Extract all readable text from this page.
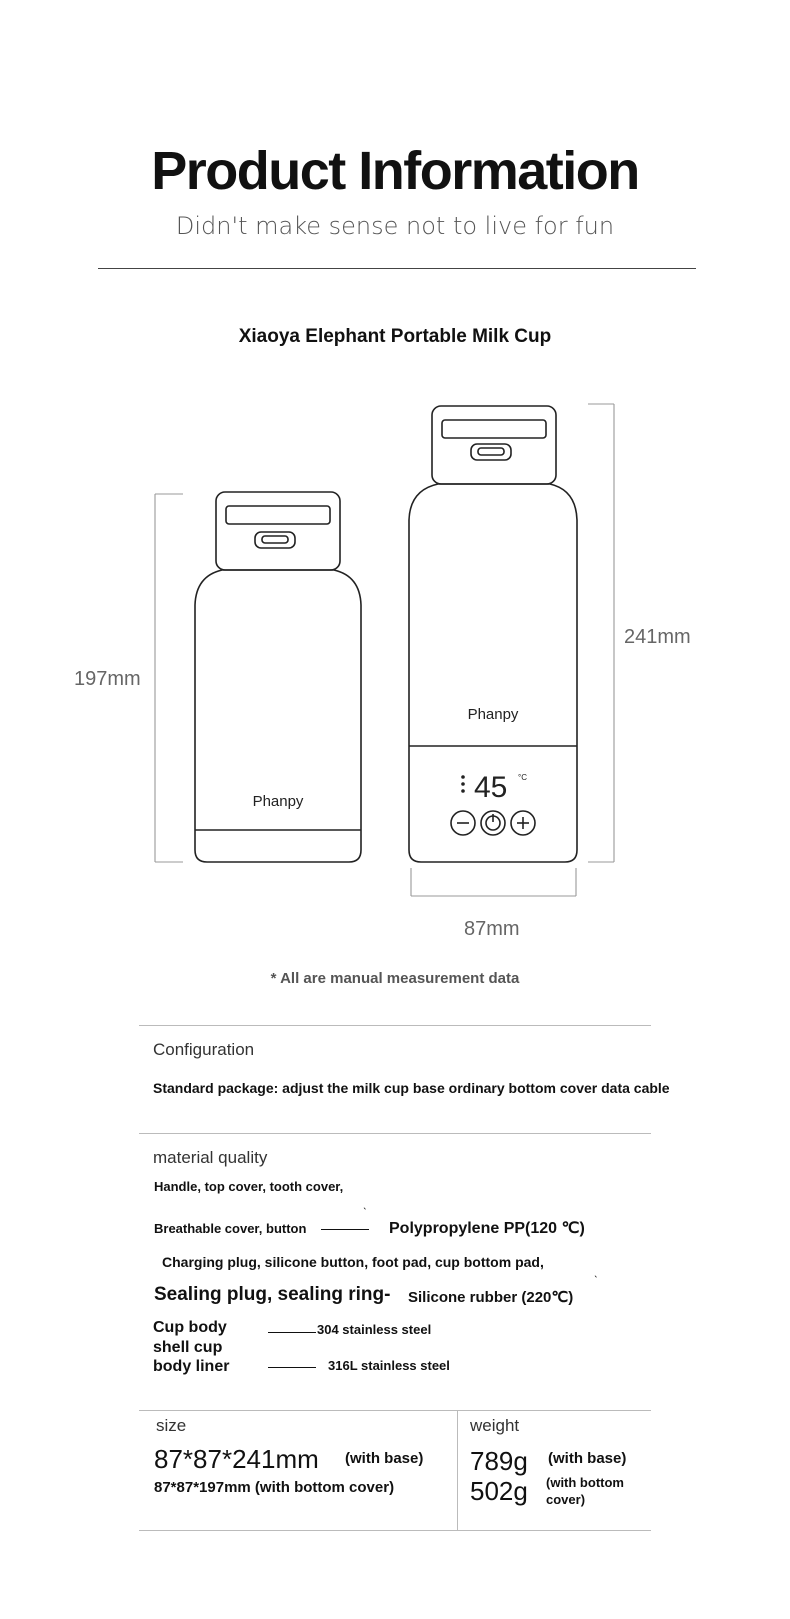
Product Information
Didn't make sense not to live for fun
Xiaoya Elephant Portable Milk Cup
45 °C
Phanpy
Phanpy
197mm
241mm
87mm
* All are manual measurement data
Configuration
Standard package: adjust the milk cup base ordinary bottom cover data cable
material quality
Handle, top cover, tooth cover,
ˎ
Breathable cover, button	Polypropylene PP(120 ℃)
Charging plug, silicone button, foot pad, cup bottom pad,
ˎ
Sealing plug, sealing ring- Silicone rubber (220℃)
Cup body
shell cup
304 stainless steel
body liner	316L stainless steel
size
87*87*241mm (with base)
87*87*197mm (with bottom cover)
weight
789g (with base)
502g (with bottom
cover)
